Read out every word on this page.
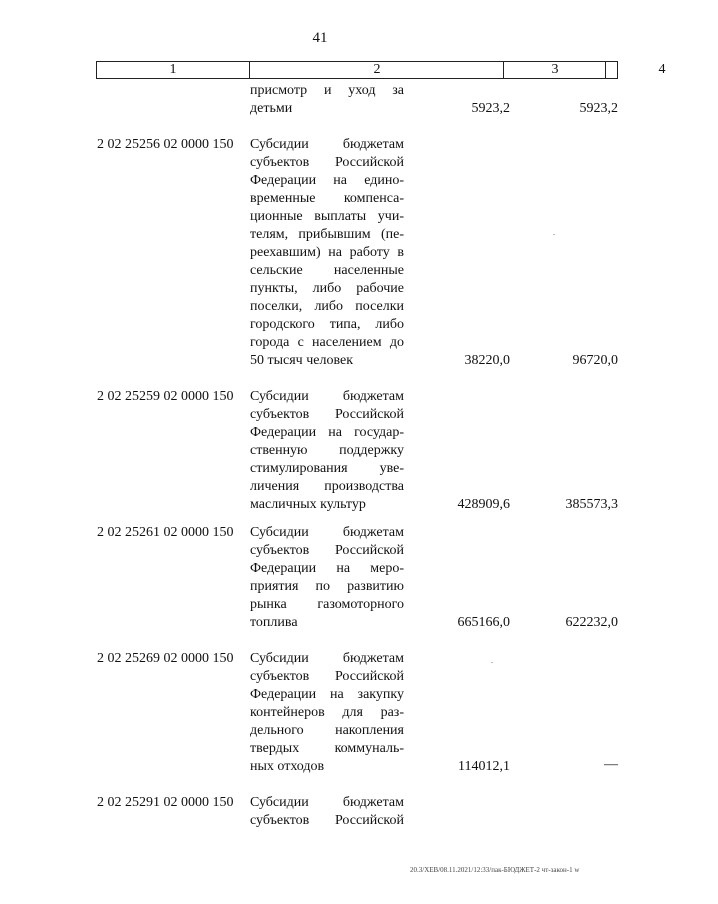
41
1	2	3	4
присмотр и уход за
детьми	5923,2	5923,2
2 02 25256 02 0000 150 Субсидии бюджетам
субъектов Российской
Федерации на едино-
временные компенса-
ционные выплаты учи-
телям, прибывшим (пе-
реехавшим) на работу в
сельские населенные
пункты, либо рабочие
поселки, либо поселки
городского типа, либо
города с населением до
50 тысяч человек	38220,0	96720,0
2 02 25259 02 0000 150 Субсидии бюджетам
субъектов Российской
Федерации на государ-
ственную поддержку
стимулирования уве-
личения производства
масличных культур	428909,6	385573,3
2 02 25261 02 0000 150 Субсидии бюджетам
субъектов Российской
Федерации на меро-
приятия по развитию
рынка газомоторного
топлива	665166,0	622232,0
2 02 25269 02 0000 150 Субсидии бюджетам
субъектов Российской
Федерации на закупку
контейнеров для раз-
дельного накопления
твердых коммуналь-
ных отходов	114012,1	—
2 02 25291 02 0000 150 Субсидии бюджетам
субъектов Российской
20.3/ХЕВ/08.11.2021/12:33/пак-БЮДЖЕТ-2 чт-закон-1 w
